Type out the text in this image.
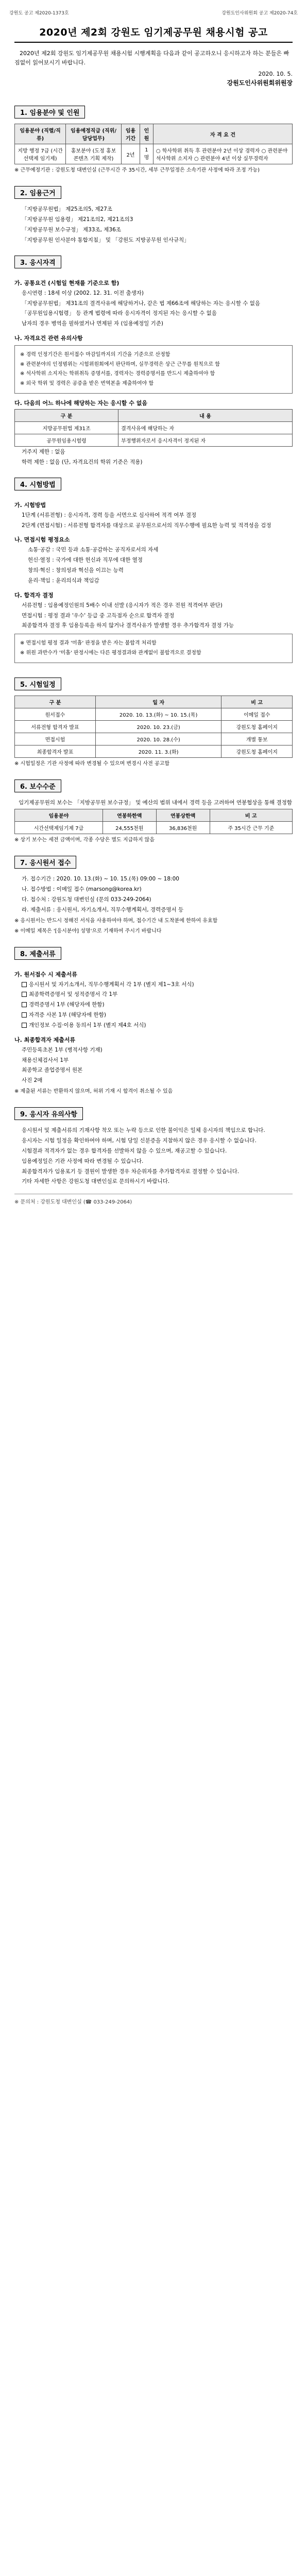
강원도 공고 제2020-1373호	강원도인사위원회 공고 제2020-74호
2020년 제2회 강원도 임기제공무원 채용시험 공고
2020년 제2회 강원도 임기제공무원 채용시험 시행계획을 다음과 같이 공고하오니 응시하고자 하는 분들은 빠짐없이 읽어보시기 바랍니다.
2020. 10. 5.
강원도인사위원회위원장
1. 임용분야 및 인원
임용분야 (직렬/직류)	임용예정직급 (직위/담당업무)	임용기간	인원	자 격 요 건
지방 행정 7급 (시간선택제 임기제)	홍보분야 (도정 홍보 콘텐츠 기획 제작)	2년	1명	○ 학사학위 취득 후 관련분야 2년 이상 경력자 ○ 관련분야 석사학위 소지자 ○ 관련분야 4년 이상 실무경력자
※ 근무예정기관 : 강원도청 대변인실 (근무시간 주 35시간, 세부 근무일정은 소속기관 사정에 따라 조정 가능)
2. 임용근거
「지방공무원법」 제25조의5, 제27조
「지방공무원 임용령」 제21조의2, 제21조의3
「지방공무원 보수규정」 제33조, 제36조
「지방공무원 인사분야 통합지침」 및 「강원도 지방공무원 인사규칙」
3. 응시자격
가. 공통요건 (시험일 현재를 기준으로 함)
응시연령 : 18세 이상 (2002. 12. 31. 이전 출생자)
「지방공무원법」 제31조의 결격사유에 해당하거나, 같은 법 제66조에 해당하는 자는 응시할 수 없음
「공무원임용시험령」 등 관계 법령에 따라 응시자격이 정지된 자는 응시할 수 없음
남자의 경우 병역을 필하였거나 면제된 자 (임용예정일 기준)
나. 자격요건 관련 유의사항

※ 경력 인정기간은 원서접수 마감일까지의 기간을 기준으로 산정함

※ 관련분야의 인정범위는 시험위원회에서 판단하며, 실무경력은 상근 근무를 원칙으로 함

※ 석사학위 소지자는 학위취득 증명서를, 경력자는 경력증명서를 반드시 제출하여야 함

※ 외국 학위 및 경력은 공증을 받은 번역본을 제출하여야 함

다. 다음의 어느 하나에 해당하는 자는 응시할 수 없음
구 분	내 용
지방공무원법 제31조	결격사유에 해당하는 자
공무원임용시험령	부정행위자로서 응시자격이 정지된 자
거주지 제한 : 없음
학력 제한 : 없음 (단, 자격요건의 학위 기준은 적용)
4. 시험방법
가. 시험방법
1단계 (서류전형) : 응시자격, 경력 등을 서면으로 심사하여 적격 여부 결정
2단계 (면접시험) : 서류전형 합격자를 대상으로 공무원으로서의 직무수행에 필요한 능력 및 적격성을 검정
나. 면접시험 평정요소
소통·공감 : 국민 등과 소통·공감하는 공직자로서의 자세
헌신·열정 : 국가에 대한 헌신과 직무에 대한 열정
창의·혁신 : 창의성과 혁신을 이끄는 능력
윤리·책임 : 윤리의식과 책임감
다. 합격자 결정
서류전형 : 임용예정인원의 5배수 이내 선발 (응시자가 적은 경우 전원 적격여부 판단)
면접시험 : 평정 결과 '우수' 등급 중 고득점자 순으로 합격자 결정
최종합격자 결정 후 임용등록을 하지 않거나 결격사유가 발생할 경우 추가합격자 결정 가능

※ 면접시험 평정 결과 '미흡' 판정을 받은 자는 불합격 처리함

※ 위원 과반수가 '미흡' 판정시에는 다른 평정결과와 관계없이 불합격으로 결정함

5. 시험일정
구 분	일 자	비 고
원서접수	2020. 10. 13.(화) ~ 10. 15.(목)	이메일 접수
서류전형 합격자 발표	2020. 10. 23.(금)	강원도청 홈페이지
면접시험	2020. 10. 28.(수)	개별 통보
최종합격자 발표	2020. 11. 3.(화)	강원도청 홈페이지
※ 시험일정은 기관 사정에 따라 변경될 수 있으며 변경시 사전 공고함
6. 보수수준
임기제공무원의 보수는 「지방공무원 보수규정」 및 예산의 범위 내에서 경력 등을 고려하여 연봉협상을 통해 결정함
임용분야	연봉하한액	연봉상한액	비 고
시간선택제임기제 7급	24,555천원	36,836천원	주 35시간 근무 기준
※ 상기 보수는 세전 금액이며, 각종 수당은 별도 지급하지 않음
7. 응시원서 접수
가. 접수기간 : 2020. 10. 13.(화) ~ 10. 15.(목) 09:00 ~ 18:00
나. 접수방법 : 이메일 접수 (marsong@korea.kr)
다. 접수처 : 강원도청 대변인실 (문의 033-249-2064)
라. 제출서류 : 응시원서, 자기소개서, 직무수행계획서, 경력증명서 등
※ 응시원서는 반드시 정해진 서식을 사용하여야 하며, 접수기간 내 도착분에 한하여 유효함
※ 이메일 제목은 '[응시분야] 성명'으로 기재하여 주시기 바랍니다
8. 제출서류
가. 원서접수 시 제출서류
응시원서 및 자기소개서, 직무수행계획서 각 1부 (별지 제1~3호 서식)
최종학력증명서 및 성적증명서 각 1부
경력증명서 1부 (해당자에 한함)
자격증 사본 1부 (해당자에 한함)
개인정보 수집·이용 동의서 1부 (별지 제4호 서식)
나. 최종합격자 제출서류
주민등록초본 1부 (병적사항 기재)
채용신체검사서 1부
최종학교 졸업증명서 원본
사진 2매
※ 제출된 서류는 반환하지 않으며, 허위 기재 시 합격이 취소될 수 있음
9. 응시자 유의사항
응시원서 및 제출서류의 기재사항 착오 또는 누락 등으로 인한 불이익은 일체 응시자의 책임으로 합니다.
응시자는 시험 일정을 확인하여야 하며, 시험 당일 신분증을 지참하지 않은 경우 응시할 수 없습니다.
시험결과 적격자가 없는 경우 합격자를 선발하지 않을 수 있으며, 재공고할 수 있습니다.
임용예정일은 기관 사정에 따라 변경될 수 있습니다.
최종합격자가 임용포기 등 결원이 발생한 경우 차순위자를 추가합격자로 결정할 수 있습니다.
기타 자세한 사항은 강원도청 대변인실로 문의하시기 바랍니다.
※ 문의처 : 강원도청 대변인실 (☎ 033-249-2064)
